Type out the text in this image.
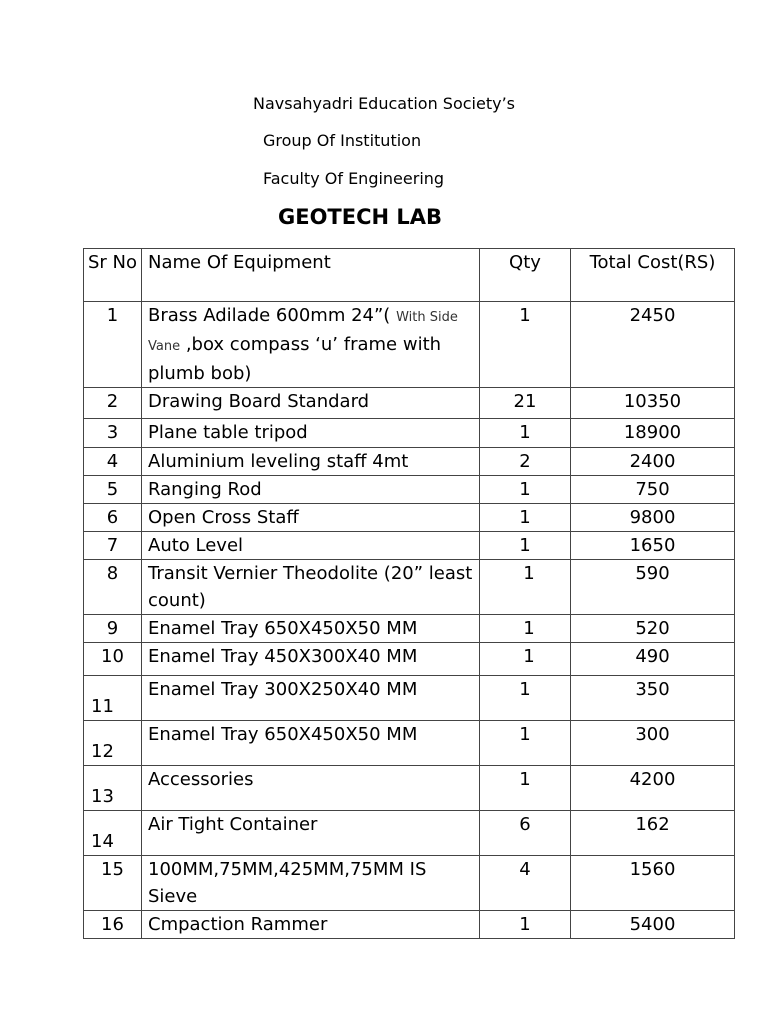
Navsahyadri Education Society’s
Group Of Institution
Faculty Of Engineering
GEOTECH LAB
Sr No	Name Of Equipment	Qty	Total Cost(RS)
1	Brass Adilade 600mm 24”( With Side Vane ,box compass ‘u’ frame with plumb bob)	1	2450
2	Drawing Board Standard	21	10350
3	Plane table tripod	1	18900
4	Aluminium leveling staff 4mt	2	2400
5	Ranging Rod	1	750
6	Open Cross Staff	1	9800
7	Auto Level	1	1650
8	Transit Vernier Theodolite (20” least count)	1	590
9	Enamel Tray 650X450X50 MM	1	520
10	Enamel Tray 450X300X40 MM	1	490
11	Enamel Tray 300X250X40 MM	1	350
12	Enamel Tray 650X450X50 MM	1	300
13	Accessories	1	4200
14	Air Tight Container	6	162
15	100MM,75MM,425MM,75MM IS Sieve	4	1560
16	Cmpaction Rammer	1	5400
